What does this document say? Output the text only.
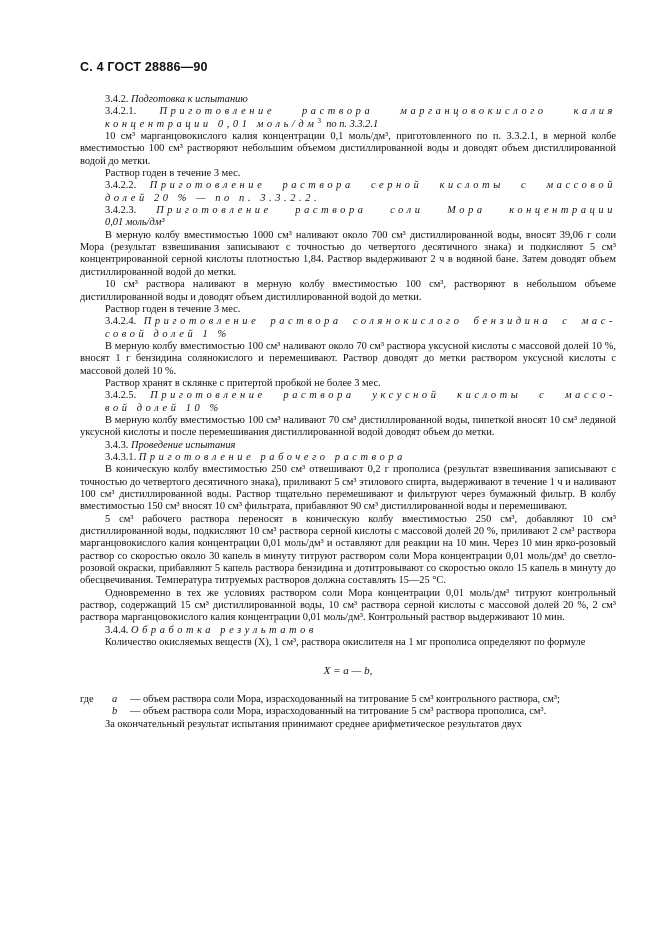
С. 4 ГОСТ 28886—90

3.4.2. Подготовка к испытанию

3.4.2.1. Приготовление раствора марганцовокислого калия

концентрации 0,01 моль/$дм^3$ по п. 3.3.2.1

10 см³ марганцовокислого калия концентрации 0,1 моль/дм³, приготовленного по п. 3.3.2.1, в мерной колбе вместимостью 100 см³ растворяют небольшим объемом дистиллированной воды и доводят объем дистиллированной водой до метки.

Раствор годен в течение 3 мес.

3.4.2.2. Приготовление раствора серной кислоты с массовой

долей 20 % — по п. 3.3.2.2.

3.4.2.3. Приготовление раствора соли Мора концентрации

0,01 моль/дм³

В мерную колбу вместимостью 1000 см³ наливают около 700 см³ дистиллированной воды, вносят 39,06 г соли Мора (результат взвешивания записывают с точностью до четвертого десятичного знака) и подкисляют 5 см³ концентрированной серной кислоты плотностью 1,84. Раствор выдерживают 2 ч в водяной бане. Затем доводят объем дистиллированной водой до метки.

10 см³ раствора наливают в мерную колбу вместимостью 100 см³, растворяют в небольшом объеме дистиллированной воды и доводят объем дистиллированной водой до метки.

Раствор годен в течение 3 мес.

3.4.2.4. Приготовление раствора солянокислого бензидина с мас-

совой долей 1 %

В мерную колбу вместимостью 100 см³ наливают около 70 см³ раствора уксусной кислоты с массовой долей 10 %, вносят 1 г бензидина солянокислого и перемешивают. Раствор доводят до метки раствором уксусной кислоты с массовой долей 10 %.

Раствор хранят в склянке с притертой пробкой не более 3 мес.

3.4.2.5. Приготовление раствора уксусной кислоты с массо-

вой долей 10 %

В мерную колбу вместимостью 100 см³ наливают 70 см³ дистиллированной воды, пипеткой вносят 10 см³ ледяной уксусной кислоты и после перемешивания дистиллированной водой доводят объем до метки.

3.4.3. Проведение испытания

3.4.3.1. Приготовление рабочего раствора

В коническую колбу вместимостью 250 см³ отвешивают 0,2 г прополиса (результат взвешивания записывают с точностью до четвертого десятичного знака), приливают 5 см³ этилового спирта, выдерживают в течение 1 ч и наливают 100 см³ дистиллированной воды. Раствор тщательно перемешивают и фильтруют через бумажный фильтр. В колбу вместимостью 150 см³ вносят 10 см³ фильтрата, прибавляют 90 см³ дистиллированной воды и перемешивают.

5 см³ рабочего раствора переносят в коническую колбу вместимостью 250 см³, добавляют 10 см³ дистиллированной воды, подкисляют 10 см³ раствора серной кислоты с массовой долей 20 %, приливают 2 см³ раствора марганцовокислого калия концентрации 0,01 моль/дм³ и оставляют для реакции на 10 мин. Через 10 мин ярко-розовый раствор со скоростью около 30 капель в минуту титруют раствором соли Мора концентрации 0,01 моль/дм³ до светло-розовой окраски, прибавляют 5 капель раствора бензидина и дотитровывают со скоростью около 15 капель в минуту до обесцвечивания. Температура титруемых растворов должна составлять 15—25 °С.

Одновременно в тех же условиях раствором соли Мора концентрации 0,01 моль/дм³ титруют контрольный раствор, содержащий 15 см³ дистиллированной воды, 10 см³ раствора серной кислоты с массовой долей 20 %, 2 см³ раствора марганцовокислого калия концентрации 0,01 моль/дм³. Контрольный раствор выдерживают 10 мин.

3.4.4. Обработка результатов

Количество окисляемых веществ (X), 1 см³, раствора окислителя на 1 мг прополиса определяют по формуле

X = a — b,
где	a	— объем раствора соли Мора, израсходованный на титрование 5 см³ контрольного раствора, см³;
b	— объем раствора соли Мора, израсходованный на титрование 5 см³ раствора прополиса, см³.

За окончательный результат испытания принимают среднее арифметическое результатов двух
